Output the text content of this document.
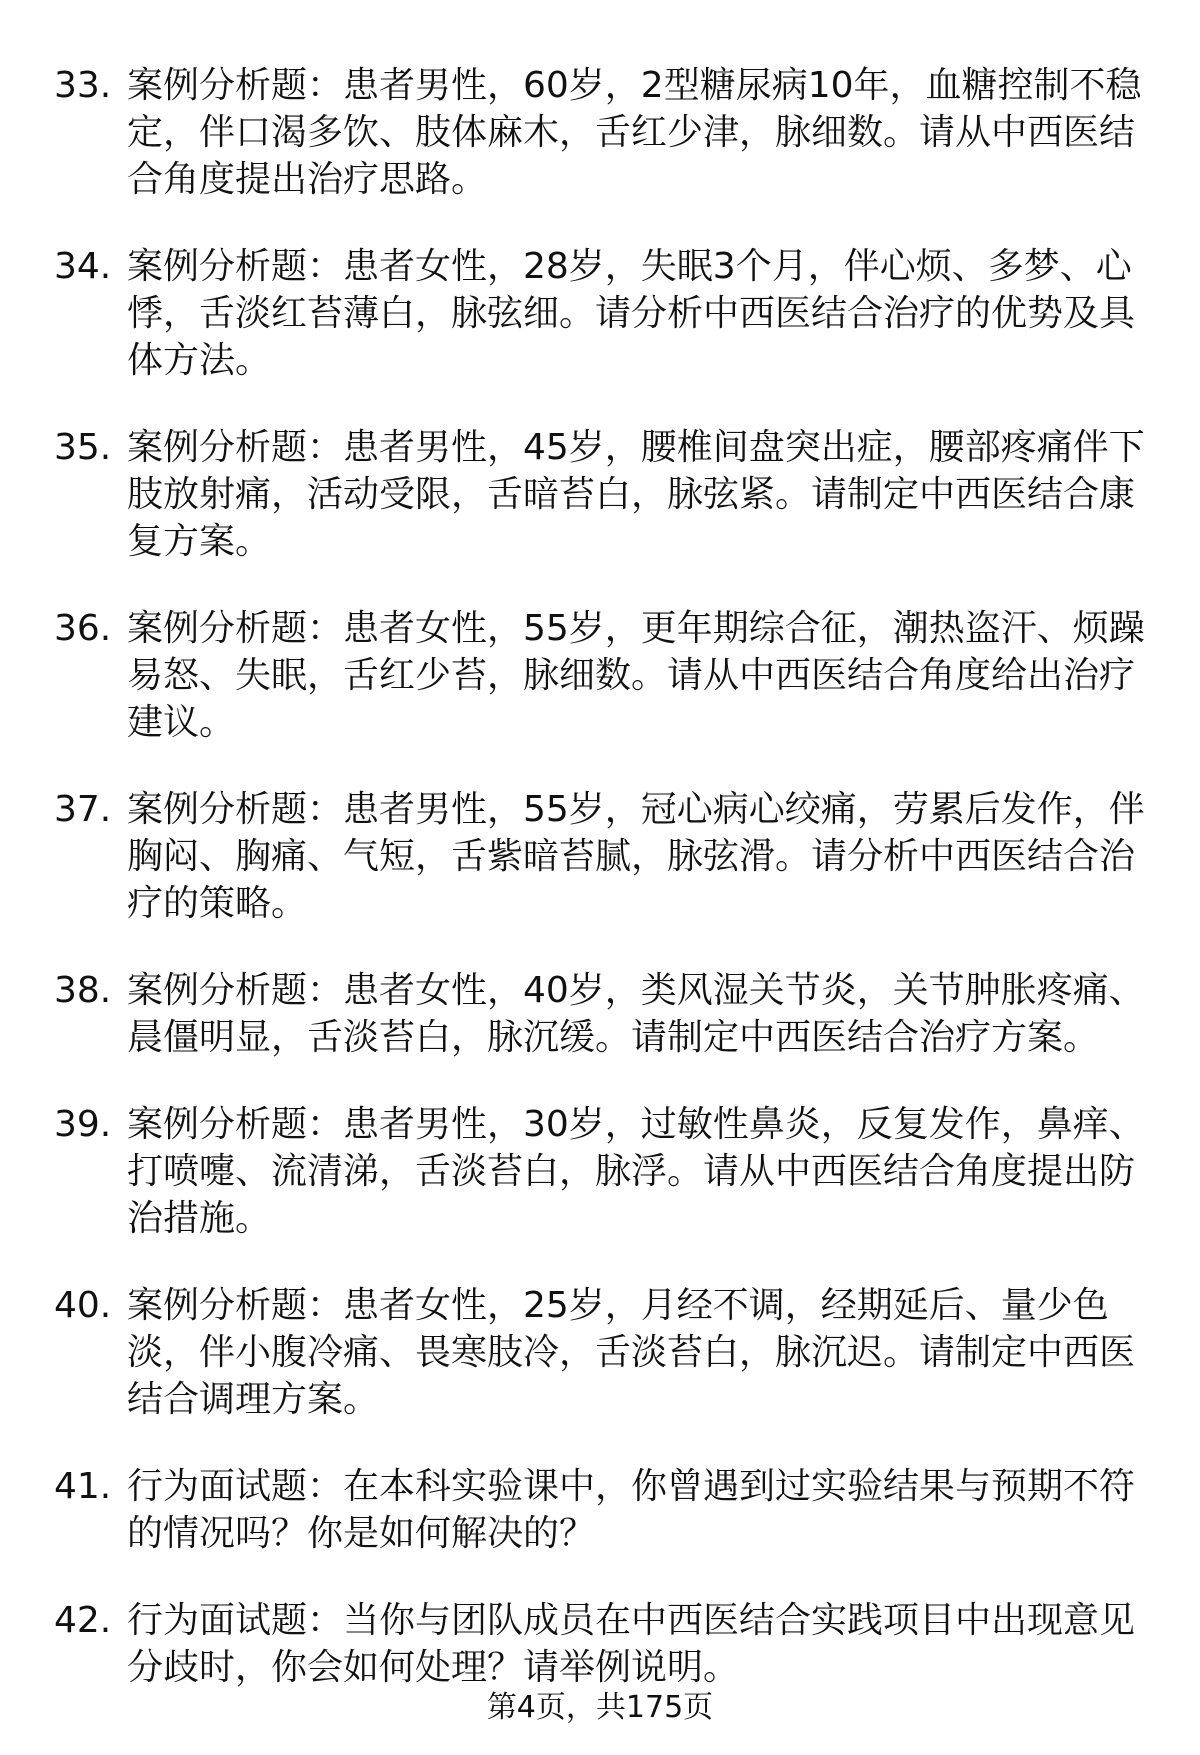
33. 案例分析题：患者男性，60岁，2型糖尿病10年，血糖控制不稳
定，伴口渴多饮、肢体麻木，舌红少津，脉细数。请从中西医结
合角度提出治疗思路。
34. 案例分析题：患者女性，28岁，失眠3个月，伴心烦、多梦、心
悸，舌淡红苔薄白，脉弦细。请分析中西医结合治疗的优势及具
体方法。
35. 案例分析题：患者男性，45岁，腰椎间盘突出症，腰部疼痛伴下
肢放射痛，活动受限，舌暗苔白，脉弦紧。请制定中西医结合康
复方案。
36. 案例分析题：患者女性，55岁，更年期综合征，潮热盗汗、烦躁
易怒、失眠，舌红少苔，脉细数。请从中西医结合角度给出治疗
建议。
37. 案例分析题：患者男性，55岁，冠心病心绞痛，劳累后发作，伴
胸闷、胸痛、气短，舌紫暗苔腻，脉弦滑。请分析中西医结合治
疗的策略。
38. 案例分析题：患者女性，40岁，类风湿关节炎，关节肿胀疼痛、
晨僵明显，舌淡苔白，脉沉缓。请制定中西医结合治疗方案。
39. 案例分析题：患者男性，30岁，过敏性鼻炎，反复发作，鼻痒、
打喷嚏、流清涕，舌淡苔白，脉浮。请从中西医结合角度提出防
治措施。
40. 案例分析题：患者女性，25岁，月经不调，经期延后、量少色
淡，伴小腹冷痛、畏寒肢冷，舌淡苔白，脉沉迟。请制定中西医
结合调理方案。
41. 行为面试题：在本科实验课中，你曾遇到过实验结果与预期不符
的情况吗？你是如何解决的？
42. 行为面试题：当你与团队成员在中西医结合实践项目中出现意见
分歧时，你会如何处理？请举例说明。
第4页，共175页
